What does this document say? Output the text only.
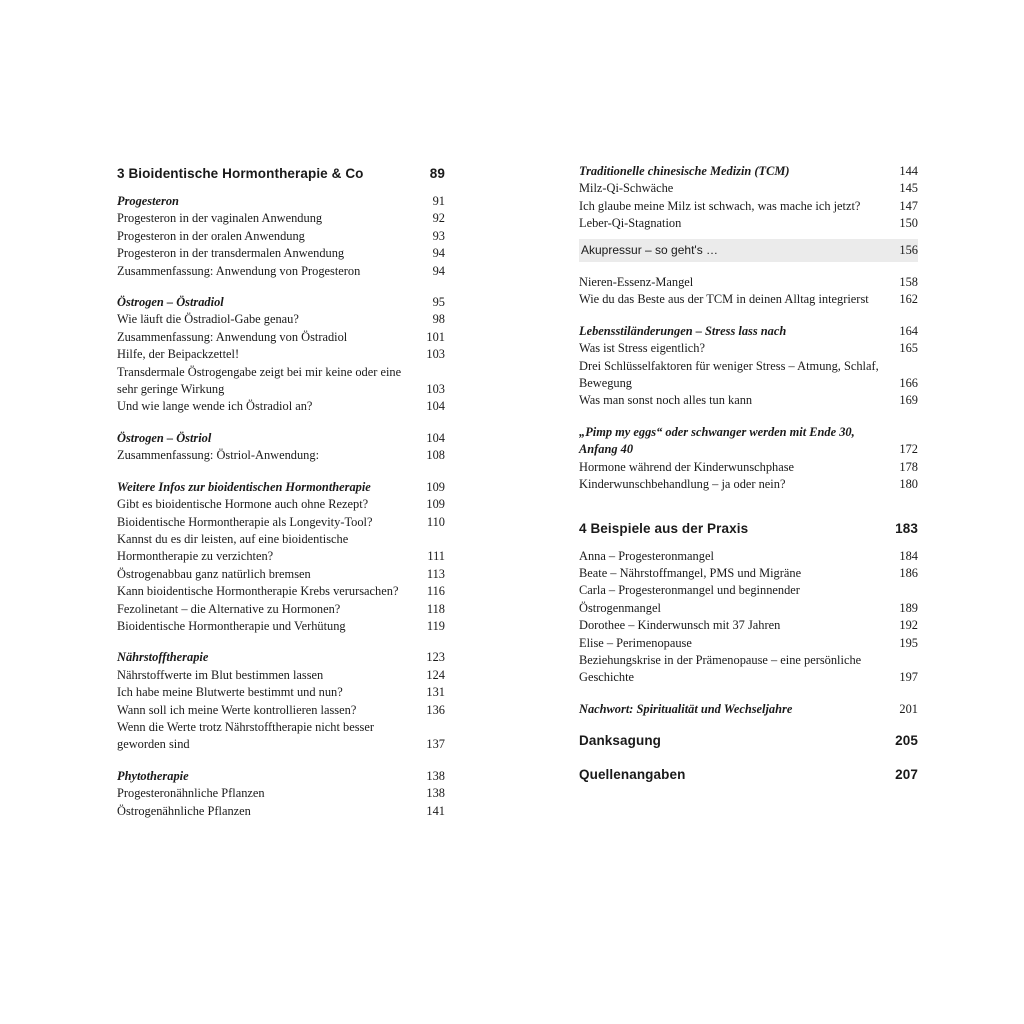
3 Bioidentische Hormontherapie & Co	89
Progesteron	91
Progesteron in der vaginalen Anwendung	92
Progesteron in der oralen Anwendung	93
Progesteron in der transdermalen Anwendung	94
Zusammenfassung: Anwendung von Progesteron	94
Östrogen – Östradiol	95
Wie läuft die Östradiol-Gabe genau?	98
Zusammenfassung: Anwendung von Östradiol	101
Hilfe, der Beipackzettel!	103
Transdermale Östrogengabe zeigt bei mir keine oder eine sehr geringe Wirkung	103
Und wie lange wende ich Östradiol an?	104
Östrogen – Östriol	104
Zusammenfassung: Östriol-Anwendung:	108
Weitere Infos zur bioidentischen Hormontherapie	109
Gibt es bioidentische Hormone auch ohne Rezept?	109
Bioidentische Hormontherapie als Longevity-Tool?	110
Kannst du es dir leisten, auf eine bioidentische Hormontherapie zu verzichten?	111
Östrogenabbau ganz natürlich bremsen	113
Kann bioidentische Hormontherapie Krebs verursachen?	116
Fezolinetant – die Alternative zu Hormonen?	118
Bioidentische Hormontherapie und Verhütung	119
Nährstofftherapie	123
Nährstoffwerte im Blut bestimmen lassen	124
Ich habe meine Blutwerte bestimmt und nun?	131
Wann soll ich meine Werte kontrollieren lassen?	136
Wenn die Werte trotz Nährstofftherapie nicht besser geworden sind	137
Phytotherapie	138
Progesteronähnliche Pflanzen	138
Östrogenähnliche Pflanzen	141
Traditionelle chinesische Medizin (TCM)	144
Milz-Qi-Schwäche	145
Ich glaube meine Milz ist schwach, was mache ich jetzt?	147
Leber-Qi-Stagnation	150
Akupressur – so geht's …	156
Nieren-Essenz-Mangel	158
Wie du das Beste aus der TCM in deinen Alltag integrierst	162
Lebensstiländerungen – Stress lass nach	164
Was ist Stress eigentlich?	165
Drei Schlüsselfaktoren für weniger Stress – Atmung, Schlaf, Bewegung	166
Was man sonst noch alles tun kann	169
„Pimp my eggs“ oder schwanger werden mit Ende 30, Anfang 40	172
Hormone während der Kinderwunschphase	178
Kinderwunschbehandlung – ja oder nein?	180
4 Beispiele aus der Praxis	183
Anna – Progesteronmangel	184
Beate – Nährstoffmangel, PMS und Migräne	186
Carla – Progesteronmangel und beginnender Östrogenmangel	189
Dorothee – Kinderwunsch mit 37 Jahren	192
Elise – Perimenopause	195
Beziehungskrise in der Prämenopause – eine persönliche Geschichte	197
Nachwort: Spiritualität und Wechseljahre	201
Danksagung	205
Quellenangaben	207
